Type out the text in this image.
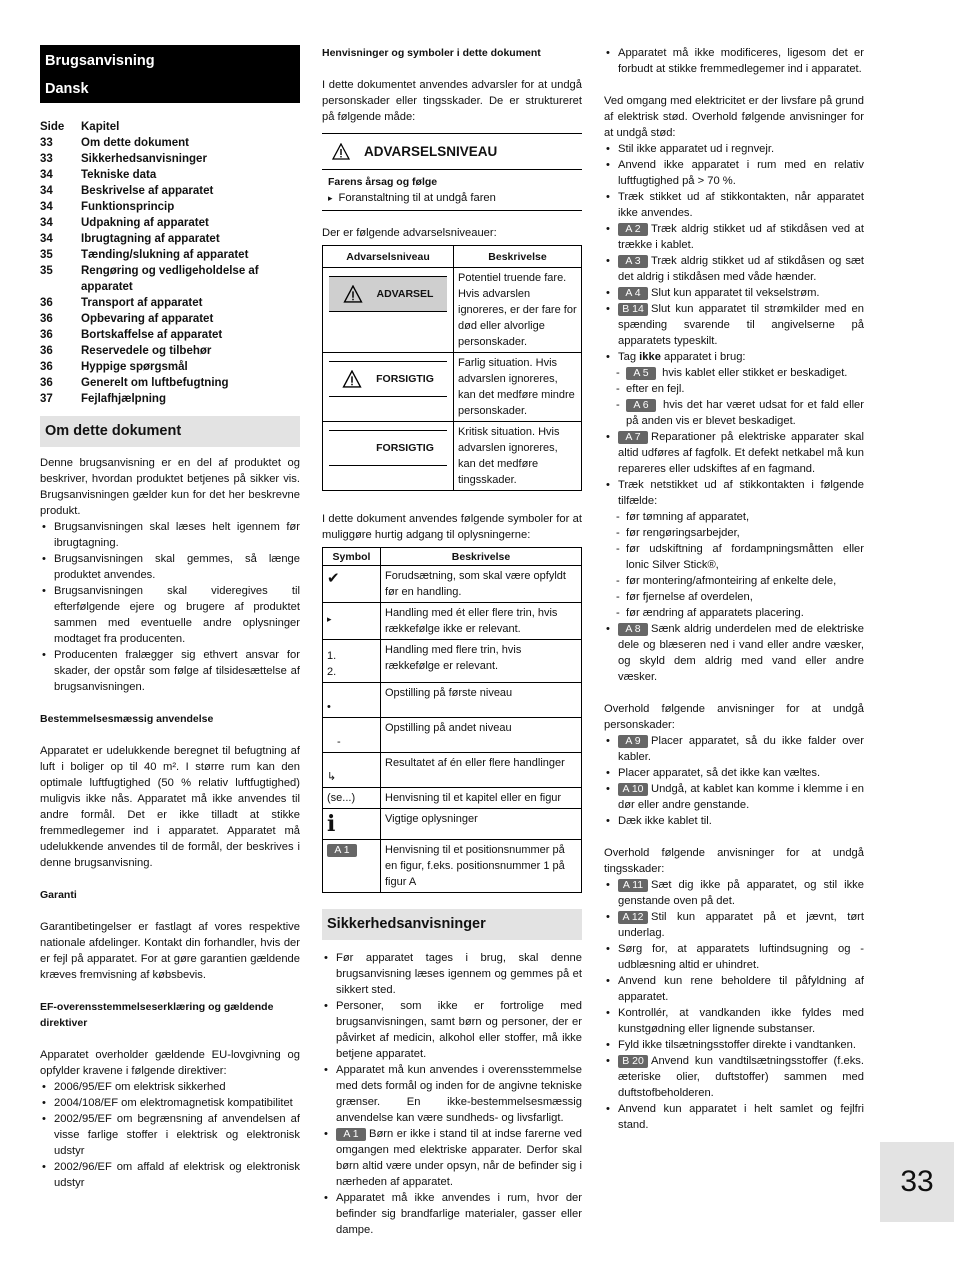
Brugsanvisning
Dansk
Side	Kapitel
33	Om dette dokument
33	Sikkerhedsanvisninger
34	Tekniske data
34	Beskrivelse af apparatet
34	Funktionsprincip
34	Udpakning af apparatet
34	Ibrugtagning af apparatet
35	Tænding/slukning af apparatet
35	Rengøring og vedligeholdelse af apparatet
36	Transport af apparatet
36	Opbevaring af apparatet
36	Bortskaffelse af apparatet
36	Reservedele og tilbehør
36	Hyppige spørgsmål
36	Generelt om luftbefugtning
37	Fejlafhjælpning
Om dette dokument

Denne brugsanvisning er en del af produktet og beskriver, hvordan produktet betjenes på sikker vis. Brugsanvisningen gælder kun for det her beskrevne produkt.

• Brugsanvisningen skal læses helt igennem før ibrugtagning.
• Brugsanvisningen skal gemmes, så længe produktet anvendes.
• Brugsanvisningen skal videregives til efterfølgende ejere og brugere af produktet sammen med eventuelle andre oplysninger modtaget fra producenten.
• Producenten fralægger sig ethvert ansvar for skader, der opstår som følge af tilsidesættelse af brugsanvisningen.
Bestemmelsesmæssig anvendelse

Apparatet er udelukkende beregnet til befugtning af luft i boliger op til 40 m². I større rum kan den optimale luftfugtighed (50 % relativ luftfugtighed) muligvis ikke nås. Apparatet må ikke anvendes til andre formål. Det er ikke tilladt at stikke fremmedlegemer ind i apparatet. Apparatet må udelukkende anvendes til de formål, der beskrives i denne brugsanvisning.

Garanti

Garantibetingelser er fastlagt af vores respektive nationale afdelinger. Kontakt din forhandler, hvis der er fejl på apparatet. For at gøre garantien gældende kræves fremvisning af købsbevis.

EF-overensstemmelseserklæring og gældende direktiver

Apparatet overholder gældende EU-lovgivning og opfylder kravene i følgende direktiver:

• 2006/95/EF om elektrisk sikkerhed
• 2004/108/EF om elektromagnetisk kompatibilitet
• 2002/95/EF om begrænsning af anvendelsen af visse farlige stoffer i elektrisk og elektronisk udstyr
• 2002/96/EF om affald af elektrisk og elektronisk udstyr
Henvisninger og symboler i dette dokument

I dette dokumentet anvendes advarsler for at undgå personskader eller tingsskader. De er struktureret på følgende måde:

ADVARSELSNIVEAU
Farens årsag og følge
▸ Foranstaltning til at undgå faren

Der er følgende advarselsniveauer:

Advarselsniveau	Beskrivelse

ADVARSEL	Potentiel truende fare. Hvis advarslen ignoreres, er der fare for død eller alvorlige personskader.

FORSIGTIG	Farlig situation. Hvis advarslen ignoreres, kan det medføre mindre personskader.

FORSIGTIG	Kritisk situation. Hvis advarslen ignoreres, kan det medføre tingsskader.

I dette dokument anvendes følgende symboler for at muliggøre hurtig adgang til oplysningerne:

Symbol	Beskrivelse
✔	Forudsætning, som skal være opfyldt før en handling.

▸	Handling med ét eller flere trin, hvis rækkefølge ikke er relevant.

1.
2.	Handling med flere trin, hvis rækkefølge er relevant.

•	Opstilling på første niveau

-	Opstilling på andet niveau

↳	Resultatet af én eller flere handlinger
(se...)	Henvisning til et kapitel eller en figur
i	Vigtige oplysninger
A 1	Henvisning til et positionsnummer på en figur, f.eks. positionsnummer 1 på figur A
Sikkerhedsanvisninger
• Før apparatet tages i brug, skal denne brugsanvisning læses igennem og gemmes på et sikkert sted.
• Personer, som ikke er fortrolige med brugsanvisningen, samt børn og personer, der er påvirket af medicin, alkohol eller stoffer, må ikke betjene apparatet.
• Apparatet må kun anvendes i overensstemmelse med dets formål og inden for de angivne tekniske grænser. En ikke-bestemmelsesmæssig anvendelse kan være sundheds- og livsfarligt.
• A 1 Børn er ikke i stand til at indse farerne ved omgangen med elektriske apparater. Derfor skal børn altid være under opsyn, når de befinder sig i nærheden af apparatet.
• Apparatet må ikke anvendes i rum, hvor der befinder sig brandfarlige materialer, gasser eller dampe.
• Apparatet må ikke modificeres, ligesom det er forbudt at stikke fremmedlegemer ind i apparatet.

Ved omgang med elektricitet er der livsfare på grund af elektrisk stød. Overhold følgende anvisninger for at undgå stød:

• Stil ikke apparatet ud i regnvejr.
• Anvend ikke apparatet i rum med en relativ luftfugtighed på > 70 %.
• Træk stikket ud af stikkontakten, når apparatet ikke anvendes.
• A 2 Træk aldrig stikket ud af stikdåsen ved at trække i kablet.
• A 3 Træk aldrig stikket ud af stikdåsen og sæt det aldrig i stikdåsen med våde hænder.
• A 4 Slut kun apparatet til vekselstrøm.
• B 14 Slut kun apparatet til strømkilder med en spænding svarende til angivelserne på apparatets typeskilt.
• Tag ikke apparatet i brug:
- A 5 hvis kablet eller stikket er beskadiget.
- efter en fejl.
- A 6 hvis det har været udsat for et fald eller på anden vis er blevet beskadiget.
• A 7 Reparationer på elektriske apparater skal altid udføres af fagfolk. Et defekt netkabel må kun repareres eller udskiftes af en fagmand.
• Træk netstikket ud af stikkontakten i følgende tilfælde:
- før tømning af apparatet,
- før rengøringsarbejder,
- før udskiftning af fordampningsmåtten eller lonic Silver Stick®,
- før montering/afmonteiring af enkelte dele,
- før fjernelse af overdelen,
- før ændring af apparatets placering.
• A 8 Sænk aldrig underdelen med de elektriske dele og blæseren ned i vand eller andre væsker, og skyld dem aldrig med vand eller andre væsker.

Overhold følgende anvisninger for at undgå personskader:

• A 9 Placer apparatet, så du ikke falder over kabler.
• Placer apparatet, så det ikke kan væltes.
• A 10 Undgå, at kablet kan komme i klemme i en dør eller andre genstande.
• Dæk ikke kablet til.

Overhold følgende anvisninger for at undgå tingsskader:

• A 11 Sæt dig ikke på apparatet, og stil ikke genstande oven på det.
• A 12 Stil kun apparatet på et jævnt, tørt underlag.
• Sørg for, at apparatets luftindsugning og -udblæsning altid er uhindret.
• Anvend kun rene beholdere til påfyldning af apparatet.
• Kontrollér, at vandkanden ikke fyldes med kunstgødning eller lignende substanser.
• Fyld ikke tilsætningsstoffer direkte i vandtanken.
• B 20 Anvend kun vandtilsætningsstoffer (f.eks. æteriske olier, duftstoffer) sammen med duftstofbeholderen.
• Anvend kun apparatet i helt samlet og fejlfri stand.
33
